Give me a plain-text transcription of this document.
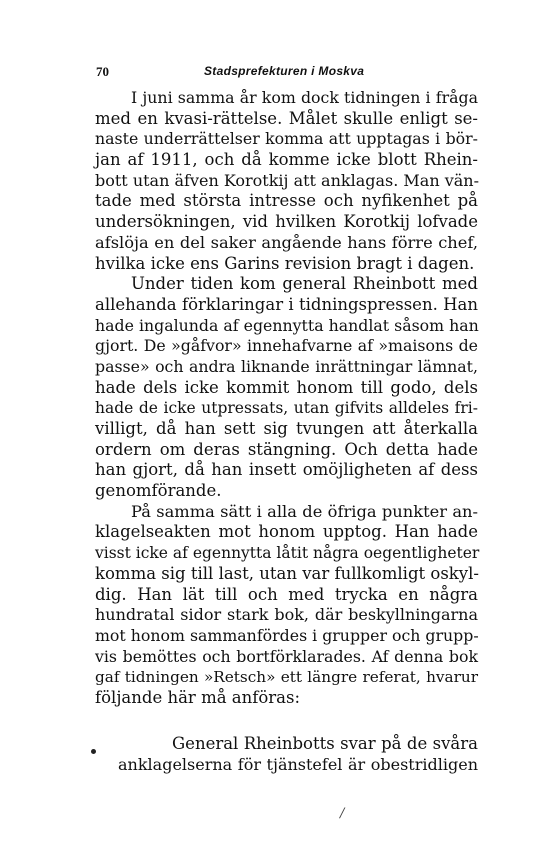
70	Stadsprefekturen i Moskva
I juni samma år kom dock tidningen i fråga
med en kvasi-rättelse. Målet skulle enligt se-
naste underrättelser komma att upptagas i bör-
jan af 1911, och då komme icke blott Rhein-
bott utan äfven Korotkij att anklagas. Man vän-
tade med största intresse och nyfikenhet på
undersökningen, vid hvilken Korotkij lofvade
afslöja en del saker angående hans förre chef,
hvilka icke ens Garins revision bragt i dagen.
Under tiden kom general Rheinbott med
allehanda förklaringar i tidningspressen. Han
hade ingalunda af egennytta handlat såsom han
gjort. De »gåfvor» innehafvarne af »maisons de
passe» och andra liknande inrättningar lämnat,
hade dels icke kommit honom till godo, dels
hade de icke utpressats, utan gifvits alldeles fri-
villigt, då han sett sig tvungen att återkalla
ordern om deras stängning. Och detta hade
han gjort, då han insett omöjligheten af dess
genomförande.
På samma sätt i alla de öfriga punkter an-
klagelseakten mot honom upptog. Han hade
visst icke af egennytta låtit några oegentligheter
komma sig till last, utan var fullkomligt oskyl-
dig. Han lät till och med trycka en några
hundratal sidor stark bok, där beskyllningarna
mot honom sammanfördes i grupper och grupp-
vis bemöttes och bortförklarades. Af denna bok
gaf tidningen »Retsch» ett längre referat, hvarur
följande här må anföras:
General Rheinbotts svar på de svåra
anklagelserna för tjänstefel är obestridligen
/
